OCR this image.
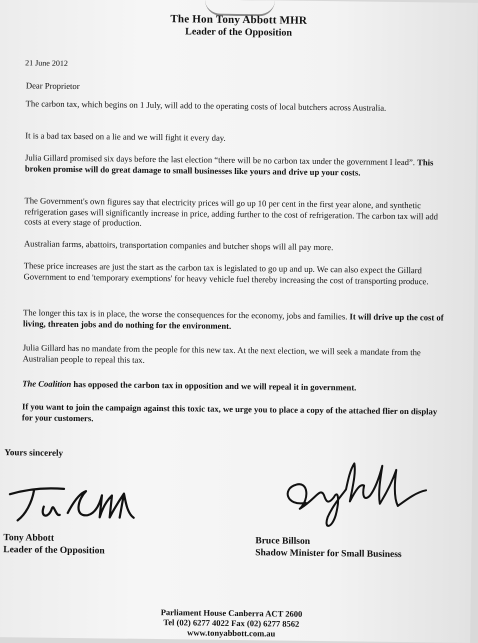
The Hon Tony Abbott MHR
Leader of the Opposition
21 June 2012
Dear Proprietor
The carbon tax, which begins on 1 July, will add to the operating costs of local butchers across Australia.
It is a bad tax based on a lie and we will fight it every day.
Julia Gillard promised six days before the last election “there will be no carbon tax under the government I lead”. This broken promise will do great damage to small businesses like yours and drive up your costs.
The Government's own figures say that electricity prices will go up 10 per cent in the first year alone, and synthetic refrigeration gases will significantly increase in price, adding further to the cost of refrigeration. The carbon tax will add costs at every stage of production.
Australian farms, abattoirs, transportation companies and butcher shops will all pay more.
These price increases are just the start as the carbon tax is legislated to go up and up. We can also expect the Gillard Government to end 'temporary exemptions' for heavy vehicle fuel thereby increasing the cost of transporting produce.
The longer this tax is in place, the worse the consequences for the economy, jobs and families. It will drive up the cost of living, threaten jobs and do nothing for the environment.
Julia Gillard has no mandate from the people for this new tax. At the next election, we will seek a mandate from the Australian people to repeal this tax.
The Coalition has opposed the carbon tax in opposition and we will repeal it in government.
If you want to join the campaign against this toxic tax, we urge you to place a copy of the attached flier on display for your customers.
Yours sincerely
Tony Abbott
Leader of the Opposition
Bruce Billson
Shadow Minister for Small Business
Parliament House Canberra ACT 2600
Tel (02) 6277 4022 Fax (02) 6277 8562
www.tonyabbott.com.au
